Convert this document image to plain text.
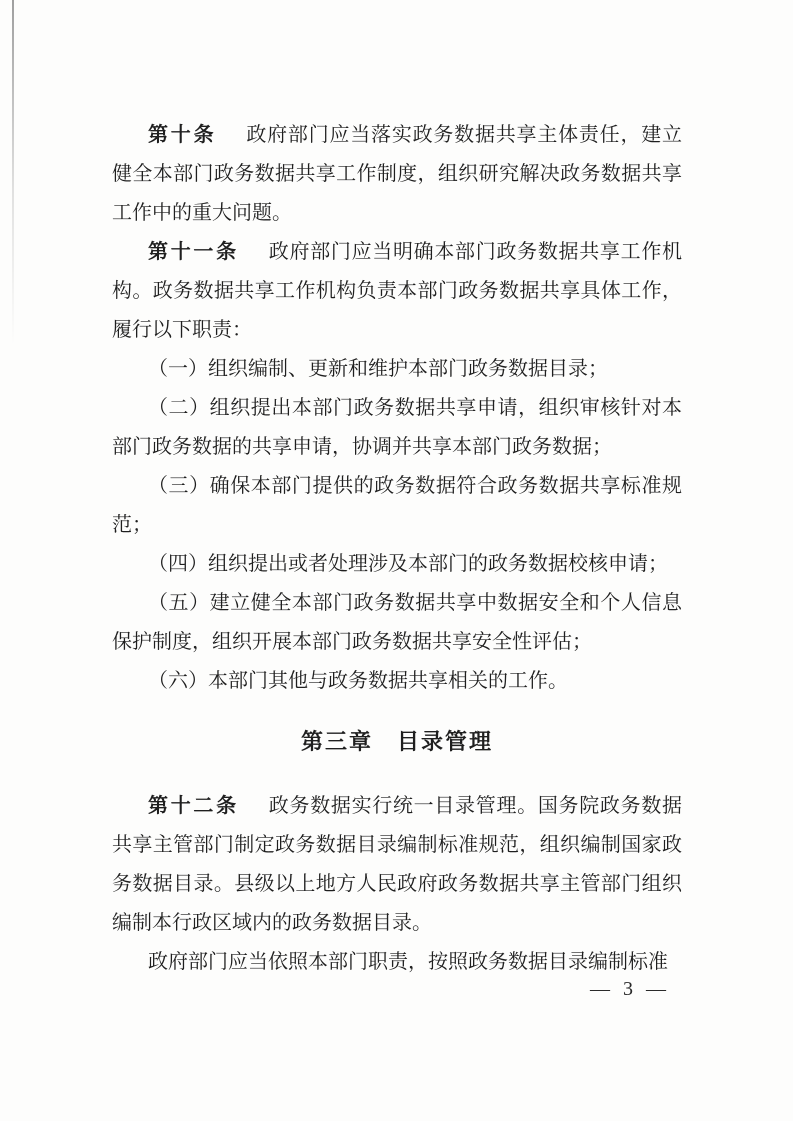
第十条 政府部门应当落实政务数据共享主体责任，建立健全本部门政务数据共享工作制度，组织研究解决政务数据共享工作中的重大问题。

第十一条 政府部门应当明确本部门政务数据共享工作机构。政务数据共享工作机构负责本部门政务数据共享具体工作，履行以下职责：

（一）组织编制、更新和维护本部门政务数据目录；

（二）组织提出本部门政务数据共享申请，组织审核针对本部门政务数据的共享申请，协调并共享本部门政务数据；

（三）确保本部门提供的政务数据符合政务数据共享标准规范；

（四）组织提出或者处理涉及本部门的政务数据校核申请；

（五）建立健全本部门政务数据共享中数据安全和个人信息保护制度，组织开展本部门政务数据共享安全性评估；

（六）本部门其他与政务数据共享相关的工作。

第三章　目录管理

第十二条 政务数据实行统一目录管理。国务院政务数据共享主管部门制定政务数据目录编制标准规范，组织编制国家政务数据目录。县级以上地方人民政府政务数据共享主管部门组织编制本行政区域内的政务数据目录。

政府部门应当依照本部门职责，按照政务数据目录编制标准

— 3 —
